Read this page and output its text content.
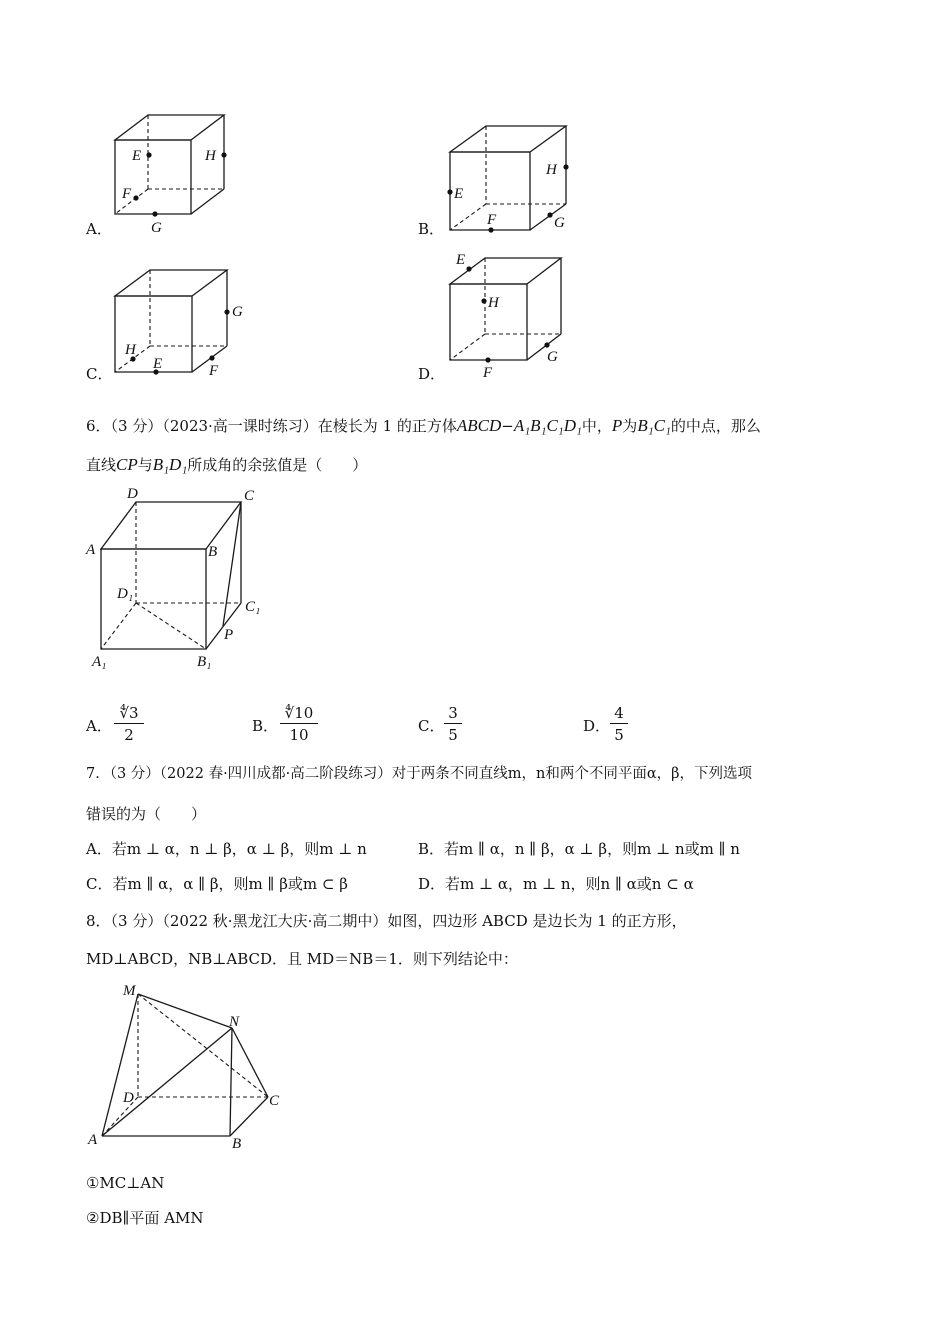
A．
E	H
F
G	B．
H
E
F	G
C．
G
H
E	F	D．
E
H
F
G
6．（3 分）（2023·高一课时练习）在棱长为 1 的正方体ABCD−A₁B₁C₁D₁中，P为B₁C₁的中点，那么
直线CP与B₁D₁所成角的余弦值是（　　）
D	C
A	B
D₁
C₁
P
A₁	B₁
A． $\frac{∜3}{2}$	B． $\frac{∜10}{10}$	C． $\frac{3}{5}$	D． $\frac{4}{5}$
7．（3 分）（2022 春·四川成都·高二阶段练习）对于两条不同直线m，n和两个不同平面α，β，下列选项
错误的为（　　）
A．若m ⊥ α，n ⊥ β，α ⊥ β，则m ⊥ n	B．若m ∥ α，n ∥ β，α ⊥ β，则m ⊥ n或m ∥ n
C．若m ∥ α，α ∥ β，则m ∥ β或m ⊂ β	D．若m ⊥ α，m ⊥ n，则n ∥ α或n ⊂ α
8．（3 分）（2022 秋·黑龙江大庆·高二期中）如图，四边形 ABCD 是边长为 1 的正方形，
MD⊥ABCD，NB⊥ABCD．且 MD＝NB＝1．则下列结论中：
M
N
D	C
A	B
①MC⊥AN
②DB∥平面 AMN
